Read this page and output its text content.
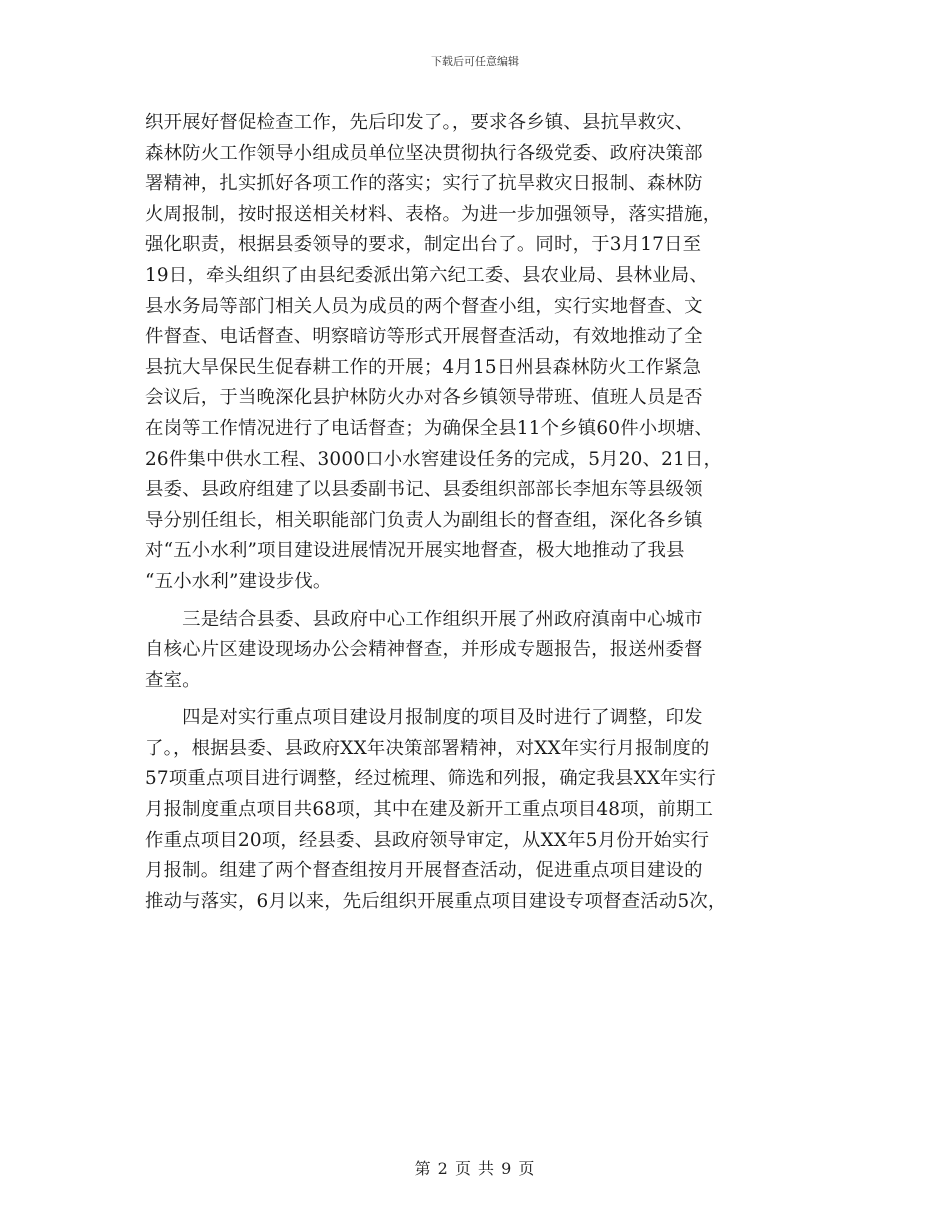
下载后可任意编辑
织开展好督促检查工作，先后印发了。，要求各乡镇、县抗旱救灾、
森林防火工作领导小组成员单位坚决贯彻执行各级党委、政府决策部
署精神，扎实抓好各项工作的落实；实行了抗旱救灾日报制、森林防
火周报制，按时报送相关材料、表格。为进一步加强领导，落实措施，
强化职责，根据县委领导的要求，制定出台了。同时，于3月17日至
19日，牵头组织了由县纪委派出第六纪工委、县农业局、县林业局、
县水务局等部门相关人员为成员的两个督查小组，实行实地督查、文
件督查、电话督查、明察暗访等形式开展督查活动，有效地推动了全
县抗大旱保民生促春耕工作的开展；4月15日州县森林防火工作紧急
会议后，于当晚深化县护林防火办对各乡镇领导带班、值班人员是否
在岗等工作情况进行了电话督查；为确保全县11个乡镇60件小坝塘、
26件集中供水工程、3000口小水窖建设任务的完成，5月20、21日，
县委、县政府组建了以县委副书记、县委组织部部长李旭东等县级领
导分别任组长，相关职能部门负责人为副组长的督查组，深化各乡镇
对“五小水利”项目建设进展情况开展实地督查，极大地推动了我县
“五小水利”建设步伐。
　　三是结合县委、县政府中心工作组织开展了州政府滇南中心城市
自核心片区建设现场办公会精神督查，并形成专题报告，报送州委督
查室。
　　四是对实行重点项目建设月报制度的项目及时进行了调整，印发
了。，根据县委、县政府XX年决策部署精神，对XX年实行月报制度的
57项重点项目进行调整，经过梳理、筛选和列报，确定我县XX年实行
月报制度重点项目共68项，其中在建及新开工重点项目48项，前期工
作重点项目20项，经县委、县政府领导审定，从XX年5月份开始实行
月报制。组建了两个督查组按月开展督查活动，促进重点项目建设的
推动与落实，6月以来，先后组织开展重点项目建设专项督查活动5次，
第 2 页 共 9 页
